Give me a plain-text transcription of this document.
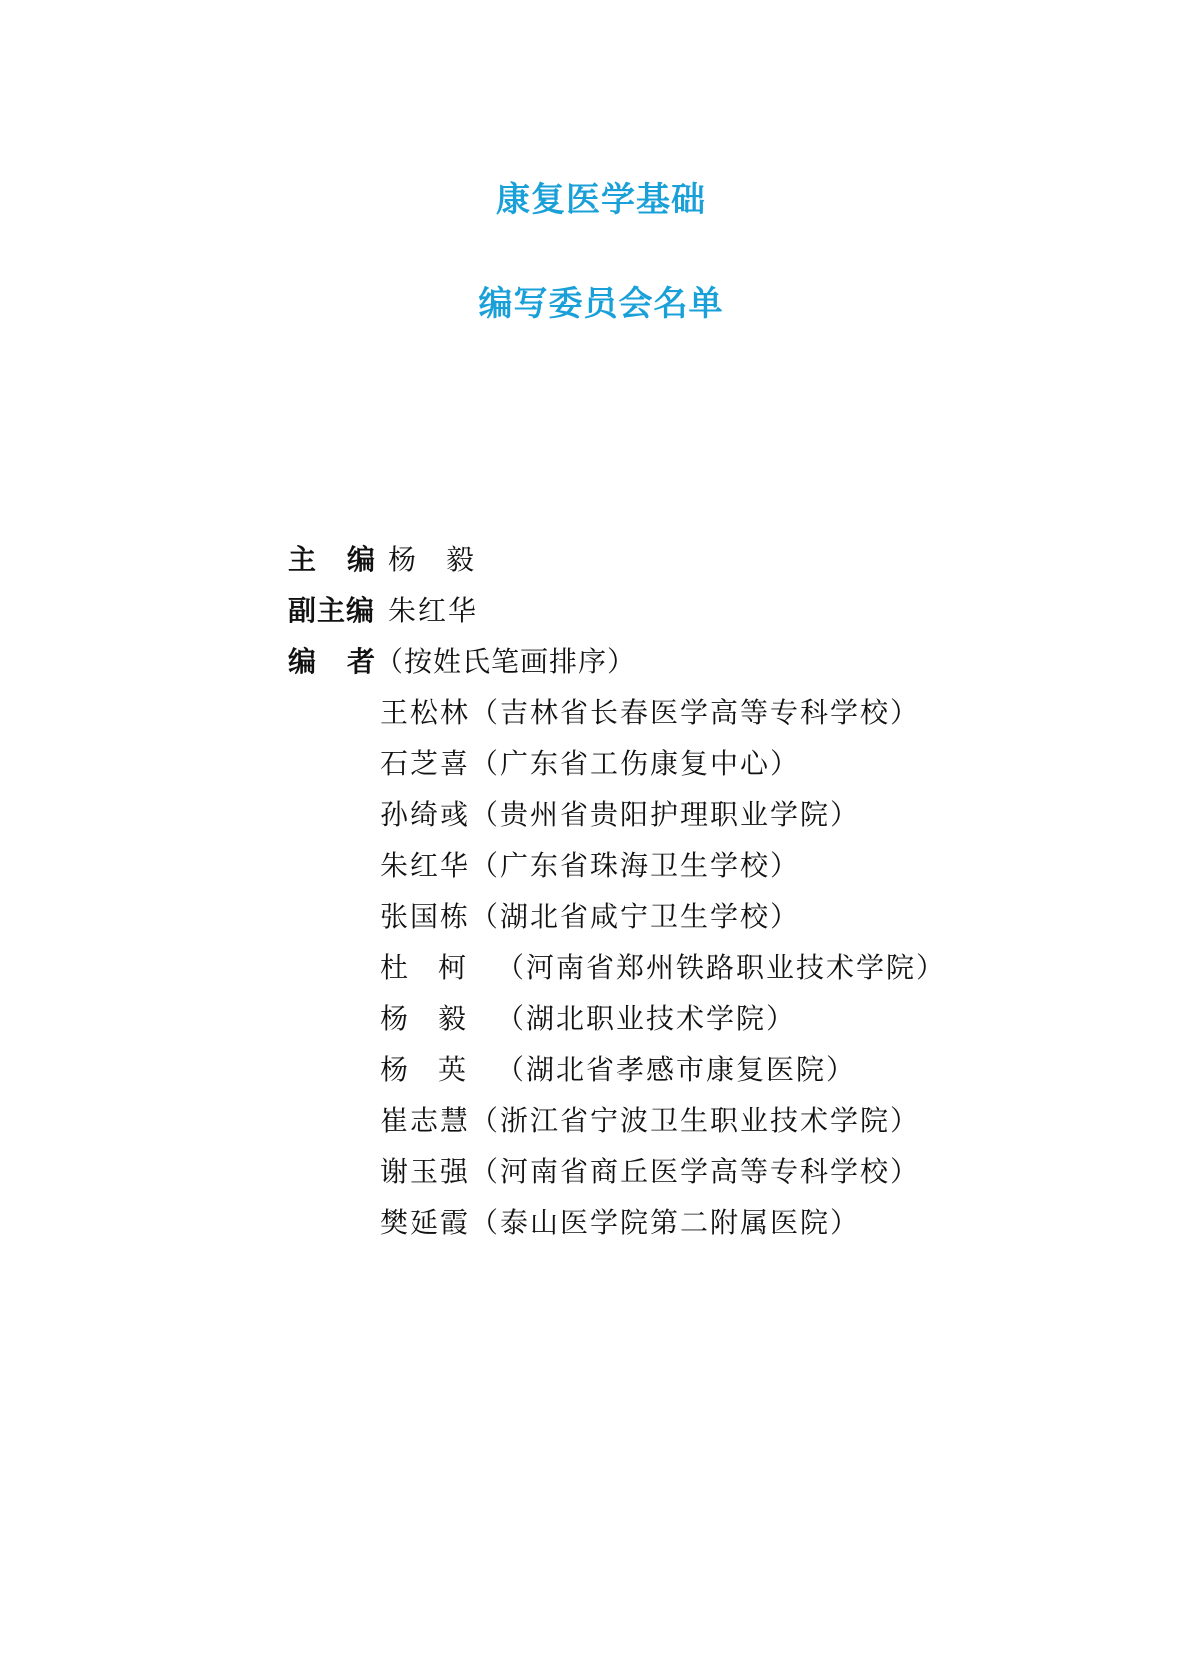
康复医学基础
编写委员会名单
主编杨毅
副主编 朱红华
编者（按姓氏笔画排序）
王松林（吉林省长春医学高等专科学校）
石芝喜（广东省工伤康复中心）
孙绮彧（贵州省贵阳护理职业学院）
朱红华（广东省珠海卫生学校）
张国栋（湖北省咸宁卫生学校）
杜柯（河南省郑州铁路职业技术学院）
杨毅（湖北职业技术学院）
杨英（湖北省孝感市康复医院）
崔志慧（浙江省宁波卫生职业技术学院）
谢玉强（河南省商丘医学高等专科学校）
樊延霞（泰山医学院第二附属医院）
